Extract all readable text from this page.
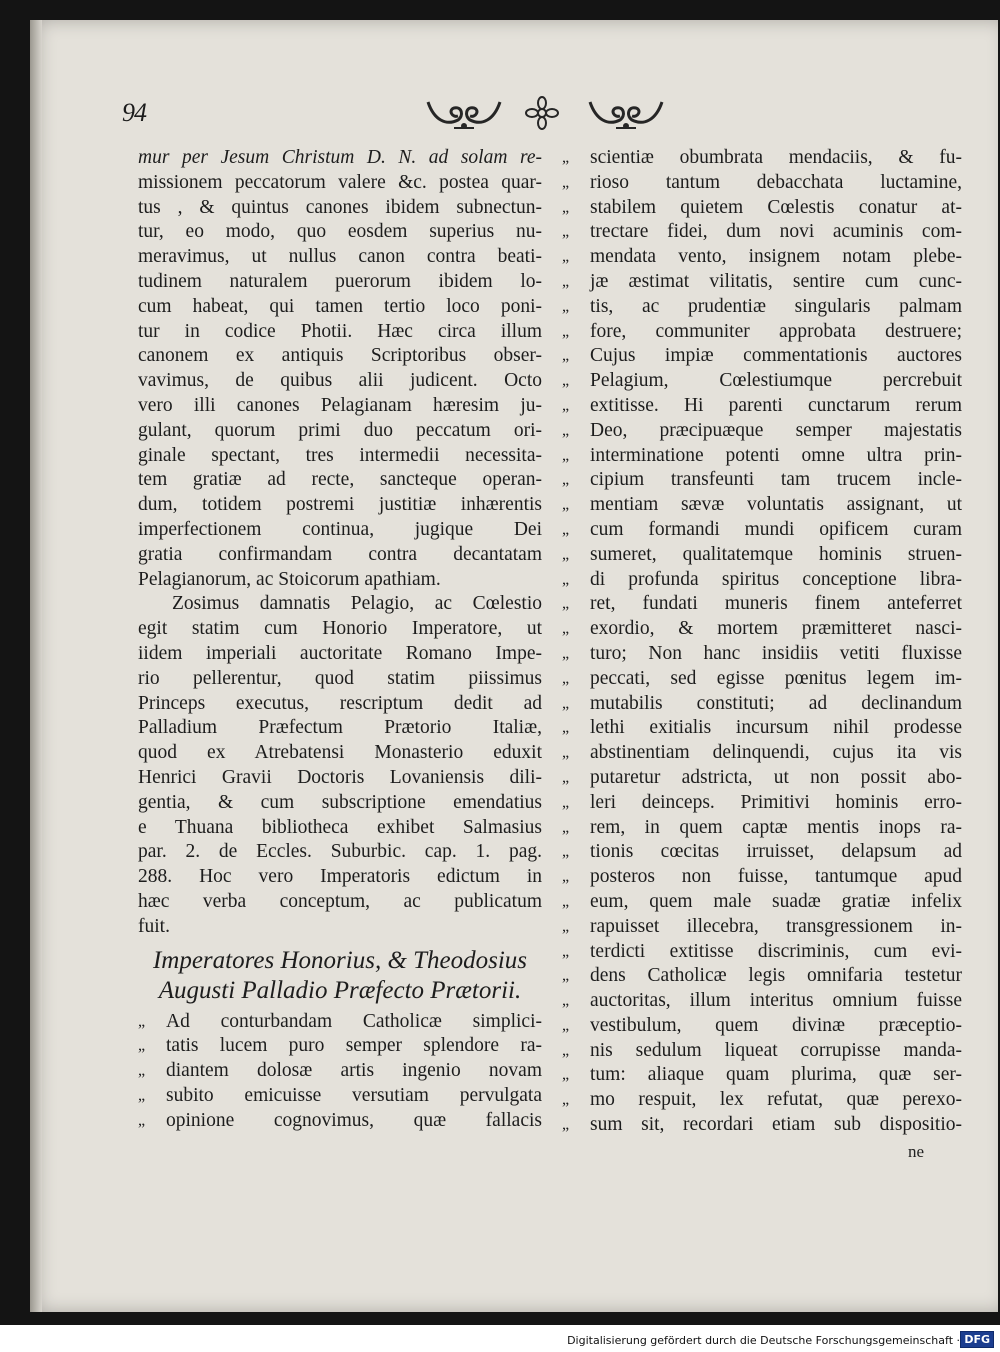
94
mur per Jesum Christum D. N. ad solam re-
missionem peccatorum valere &c. postea quar-
tus , & quintus canones ibidem subnectun-
tur, eo modo, quo eosdem superius nu-
meravimus, ut nullus canon contra beati-
tudinem naturalem puerorum ibidem lo-
cum habeat, qui tamen tertio loco poni-
tur in codice Photii. Hæc circa illum
canonem ex antiquis Scriptoribus obser-
vavimus, de quibus alii judicent. Octo
vero illi canones Pelagianam hæresim ju-
gulant, quorum primi duo peccatum ori-
ginale spectant, tres intermedii necessita-
tem gratiæ ad recte, sancteque operan-
dum, totidem postremi justitiæ inhærentis
imperfectionem continua, jugique Dei
gratia confirmandam contra decantatam
Pelagianorum, ac Stoicorum apathiam.
Zosimus damnatis Pelagio, ac Cœlestio
egit statim cum Honorio Imperatore, ut
iidem imperiali auctoritate Romano Impe-
rio pellerentur, quod statim piissimus
Princeps executus, rescriptum dedit ad
Palladium Præfectum Prætorio Italiæ,
quod ex Atrebatensi Monasterio eduxit
Henrici Gravii Doctoris Lovaniensis dili-
gentia, & cum subscriptione emendatius
e Thuana bibliotheca exhibet Salmasius
par. 2. de Eccles. Suburbic. cap. 1. pag.
288. Hoc vero Imperatoris edictum in
hæc verba conceptum, ac publicatum
fuit.
Imperatores Honorius, & Theodosius
Augusti Palladio Præfecto Prætorii.
„ Ad conturbandam Catholicæ simplici-
„ tatis lucem puro semper splendore ra-
„ diantem dolosæ artis ingenio novam
„ subito emicuisse versutiam pervulgata
„ opinione cognovimus, quæ fallacis
„ scientiæ obumbrata mendaciis, & fu-
„ rioso tantum debacchata luctamine,
„ stabilem quietem Cœlestis conatur at-
„ trectare fidei, dum novi acuminis com-
„ mendata vento, insignem notam plebe-
„ jæ æstimat vilitatis, sentire cum cunc-
„ tis, ac prudentiæ singularis palmam
„ fore, communiter approbata destruere;
„ Cujus impiæ commentationis auctores
„ Pelagium, Cœlestiumque percrebuit
„ extitisse. Hi parenti cunctarum rerum
„ Deo, præcipuæque semper majestatis
„ interminatione potenti omne ultra prin-
„ cipium transfeunti tam trucem incle-
„ mentiam sævæ voluntatis assignant, ut
„ cum formandi mundi opificem curam
„ sumeret, qualitatemque hominis struen-
„ di profunda spiritus conceptione libra-
„ ret, fundati muneris finem anteferret
„ exordio, & mortem præmitteret nasci-
„ turo; Non hanc insidiis vetiti fluxisse
„ peccati, sed egisse pœnitus legem im-
„ mutabilis constituti; ad declinandum
„ lethi exitialis incursum nihil prodesse
„ abstinentiam delinquendi, cujus ita vis
„ putaretur adstricta, ut non possit abo-
„ leri deinceps. Primitivi hominis erro-
„ rem, in quem captæ mentis inops ra-
„ tionis cœcitas irruisset, delapsum ad
„ posteros non fuisse, tantumque apud
„ eum, quem male suadæ gratiæ infelix
„ rapuisset illecebra, transgressionem in-
„ terdicti extitisse discriminis, cum evi-
„ dens Catholicæ legis omnifaria testetur
„ auctoritas, illum interitus omnium fuisse
„ vestibulum, quem divinæ præceptio-
„ nis sedulum liqueat corrupisse manda-
„ tum: aliaque quam plurima, quæ ser-
„ mo respuit, lex refutat, quæ perexo-
„ sum sit, recordari etiam sub dispositio-
ne
Digitalisierung gefördert durch die Deutsche Forschungsgemeinschaft · DFG
